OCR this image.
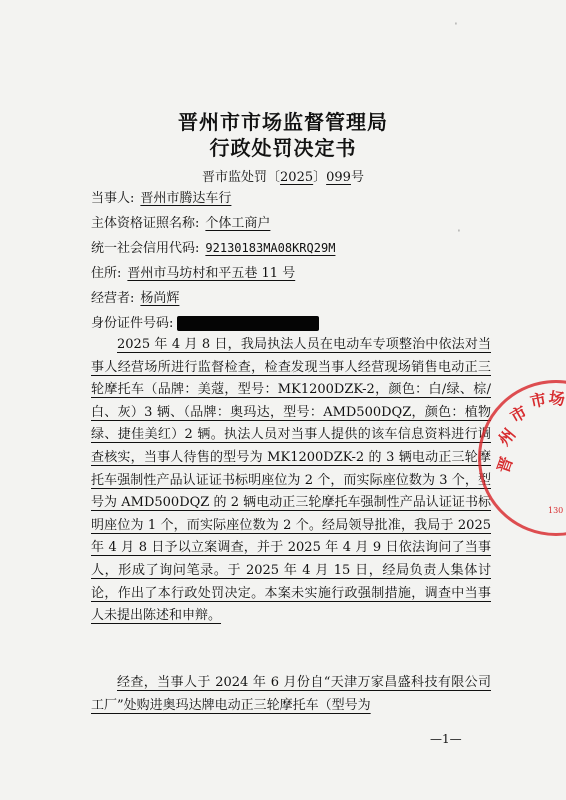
晋州市市场监督管理局
行政处罚决定书
晋市监处罚〔2025〕099号
当事人: 晋州市腾达车行
主体资格证照名称: 个体工商户
统一社会信用代码: 92130183MA08KRQ29M
住所: 晋州市马坊村和平五巷 11 号
经营者: 杨尚辉
身份证件号码:

2025 年 4 月 8 日，我局执法人员在电动车专项整治中依法对当事人经营场所进行监督检查，检查发现当事人经营现场销售电动正三轮摩托车（品牌：美蔻，型号：MK1200DZK-2，颜色：白/绿、棕/白、灰）3 辆、（品牌：奥玛达，型号：AMD500DQZ，颜色：植物绿、捷佳美红）2 辆。执法人员对当事人提供的该车信息资料进行调查核实，当事人待售的型号为 MK1200DZK-2 的 3 辆电动正三轮摩托车强制性产品认证证书标明座位为 2 个，而实际座位数为 3 个，型号为 AMD500DQZ 的 2 辆电动正三轮摩托车强制性产品认证证书标明座位为 1 个，而实际座位数为 2 个。经局领导批准，我局于 2025 年 4 月 8 日予以立案调查，并于 2025 年 4 月 9 日依法询问了当事人，形成了询问笔录。于 2025 年 4 月 15 日，经局负责人集体讨论，作出了本行政处罚决定。本案未实施行政强制措施，调查中当事人未提出陈述和申辩。

经查，当事人于 2024 年 6 月份自“天津万家昌盛科技有限公司工厂”处购进奥玛达牌电动正三轮摩托车（型号为

—1—
'
'
晋
州
市
市 场
130
